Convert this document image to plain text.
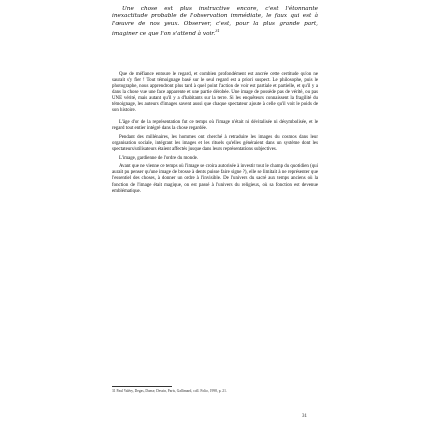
Une chose est plus instructive encore, c'est l'étonnante inexactitude probable de l'observation immédiate, le faux qui est à l'œuvre de nos yeux. Observer, c'est, pour la plus grande part, imaginer ce que l'on s'attend à voir.$^{31}$

Que de méfiance entoure le regard, et combien profondément est ancrée cette certitude qu'on ne saurait s'y fier ! Tout témoignage basé sur le seul regard est a priori suspect. Le philosophe, puis le photographe, nous apprendront plus tard à quel point l'action de voir est partiale et partielle, et qu'il y a dans la chose vue une face apparente et une partie dérobée. Une image de possède pas de vérité, ou pas UNE vérité, mais autant qu'il y a d'habitants sur la terre. Si les enquêteurs connaissent la fragilité du témoignage, les auteurs d'images savent aussi que chaque spectateur ajoute à celle qu'il voit le poids de son histoire.

L'âge d'or de la représentation fut ce temps où l'image n'était ni dévitalisée ni désymbolisée, et le regard tout entier intégré dans la chose regardée.

Pendant des millénaires, les hommes ont cherché à retraduire les images du cosmos dans leur organisation sociale, intégrant les images et les rituels qu'elles généraient dans un système dont les spectateurs/utilisateurs étaient affectés jusque dans leurs représentations subjectives.

L'image, gardienne de l'ordre du monde.

Avant que ne vienne ce temps où l'image se croira autorisée à investir tout le champ du quotidien (qui aurait pu penser qu'une image de brosse à dents puisse faire signe ?), elle se limitait à ne représenter que l'essentiel des choses, à donner un ordre à l'invisible. De l'univers du sacré aux temps anciens où la fonction de l'image était magique, on est passé à l'univers du religieux, où sa fonction est devenue emblématique.

31 Paul Valéry, Degas, Danse, Dessin, Paris, Gallimard, coll. Folio, 1998, p. 21.
31
